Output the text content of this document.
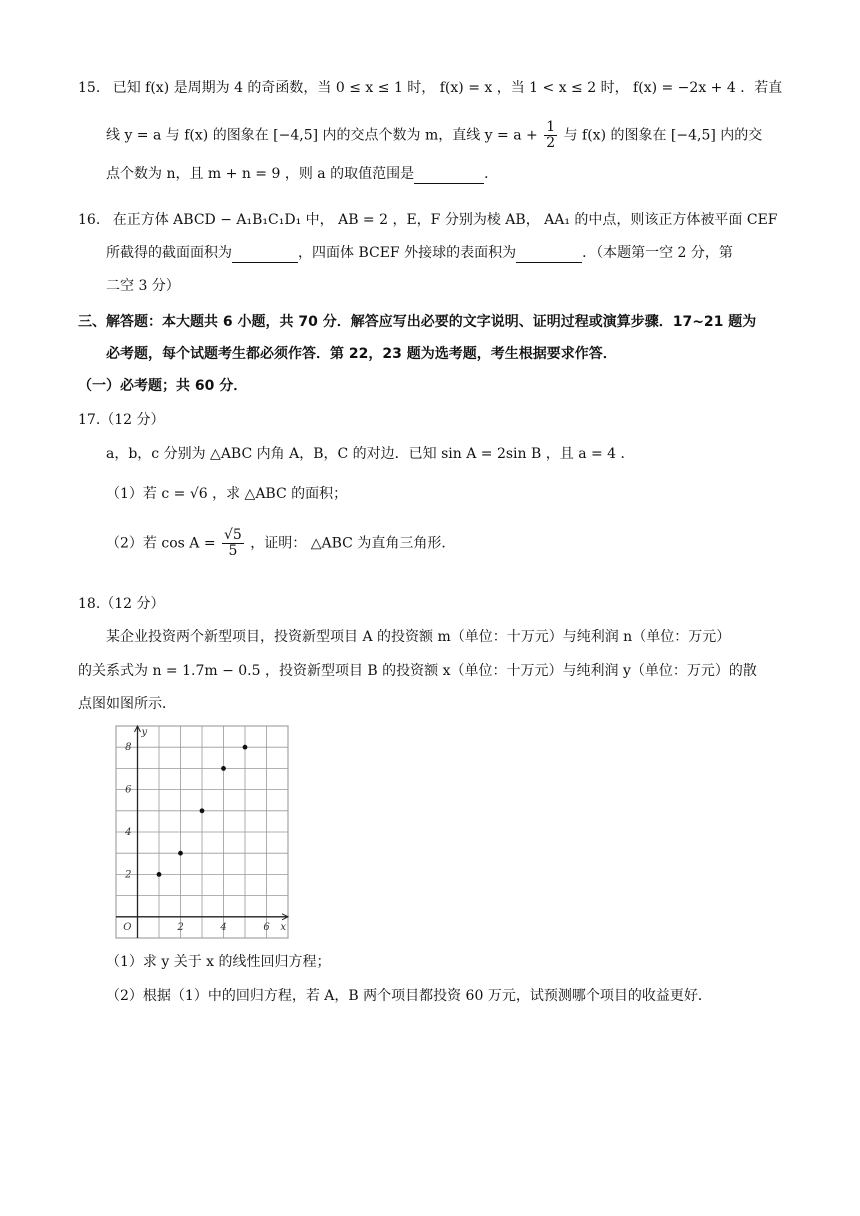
15. 已知 f(x) 是周期为 4 的奇函数，当 0 ≤ x ≤ 1 时， f(x) = x ，当 1 < x ≤ 2 时， f(x) = −2x + 4 ．若直
线 y = a 与 f(x) 的图象在 [−4,5] 内的交点个数为 m，直线 $y = a + \frac{1}{2}$ 与 f(x) 的图象在 [−4,5] 内的交
点个数为 n，且 m + n = 9 ，则 a 的取值范围是	．
16. 在正方体 ABCD − A₁B₁C₁D₁ 中， AB = 2 ，E，F 分别为棱 AB， AA₁ 的中点，则该正方体被平面 CEF
所截得的截面面积为	，四面体 BCEF 外接球的表面积为	．（本题第一空 2 分，第
二空 3 分）
三、解答题：本大题共 6 小题，共 70 分．解答应写出必要的文字说明、证明过程或演算步骤．17~21 题为
必考题，每个试题考生都必须作答．第 22，23 题为选考题，考生根据要求作答．
（一）必考题；共 60 分．
17.（12 分）
a，b，c 分别为 △ABC 内角 A，B，C 的对边．已知 sin A = 2sin B ，且 a = 4 ．
（1）若 c = √6 ，求 △ABC 的面积；
（2）若 $\cos A = \frac{√5}{5}$ ，证明： △ABC 为直角三角形．
18.（12 分）
某企业投资两个新型项目，投资新型项目 A 的投资额 m（单位：十万元）与纯利润 n（单位：万元）
的关系式为 n = 1.7m − 0.5 ，投资新型项目 B 的投资额 x（单位：十万元）与纯利润 y（单位：万元）的散
点图如图所示．
2	4	6
2
4
6
8
O	x
y
（1）求 y 关于 x 的线性回归方程；
（2）根据（1）中的回归方程，若 A，B 两个项目都投资 60 万元，试预测哪个项目的收益更好．
